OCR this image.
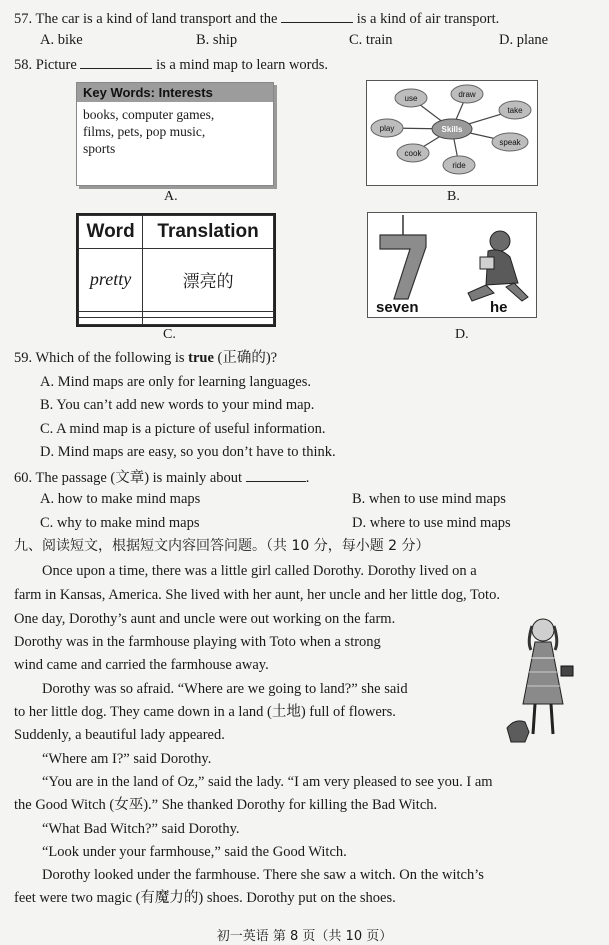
57. The car is a kind of land transport and the	is a kind of air transport.
A. bike	B. ship	C. train	D. plane
58. Picture	is a mind map to learn words.
Key Words: Interests
books, computer games,
films, pets, pop music,
sports
A.
Skills
use	draw
take
play
speak
cook
ride
B.
Word	Translation
pretty	漂亮的

C.
seven	he
D.
59. Which of the following is true (正确的)?
A. Mind maps are only for learning languages.
B. You can’t add new words to your mind map.
C. A mind map is a picture of useful information.
D. Mind maps are easy, so you don’t have to think.
60. The passage (文章) is mainly about	.
A. how to make mind maps	B. when to use mind maps
C. why to make mind maps	D. where to use mind maps
九、阅读短文，根据短文内容回答问题。（共 10 分，每小题 2 分）
Once upon a time, there was a little girl called Dorothy. Dorothy lived on a
farm in Kansas, America. She lived with her aunt, her uncle and her little dog, Toto.
One day, Dorothy’s aunt and uncle were out working on the farm.
Dorothy was in the farmhouse playing with Toto when a strong
wind came and carried the farmhouse away.
Dorothy was so afraid. “Where are we going to land?” she said
to her little dog. They came down in a land (土地) full of flowers.
Suddenly, a beautiful lady appeared.
“Where am I?” said Dorothy.
“You are in the land of Oz,” said the lady. “I am very pleased to see you. I am
the Good Witch (女巫).” She thanked Dorothy for killing the Bad Witch.
“What Bad Witch?” said Dorothy.
“Look under your farmhouse,” said the Good Witch.
Dorothy looked under the farmhouse. There she saw a witch. On the witch’s
feet were two magic (有魔力的) shoes. Dorothy put on the shoes.
初一英语 第 8 页（共 10 页）
